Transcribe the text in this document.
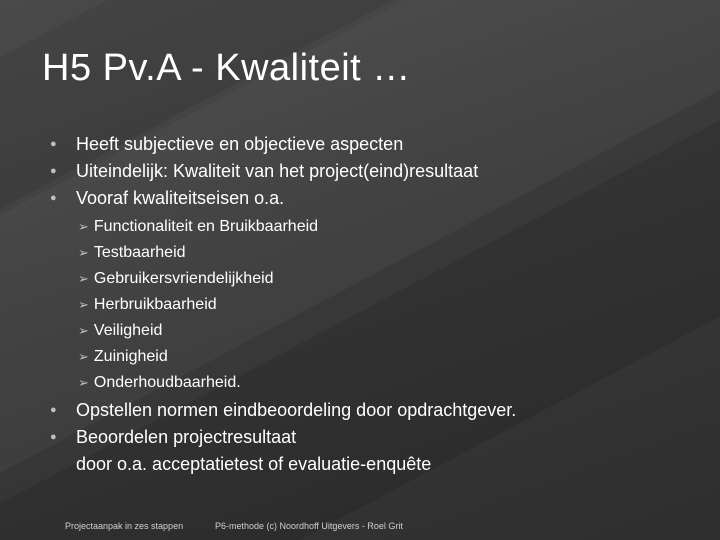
H5 Pv.A - Kwaliteit …
● Heeft subjectieve en objectieve aspecten
● Uiteindelijk: Kwaliteit van het project(eind)resultaat
● Vooraf kwaliteitseisen o.a.
➢ Functionaliteit en Bruikbaarheid
➢ Testbaarheid
➢ Gebruikersvriendelijkheid
➢ Herbruikbaarheid
➢ Veiligheid
➢ Zuinigheid
➢ Onderhoudbaarheid.
● Opstellen normen eindbeoordeling door opdrachtgever.
● Beoordelen projectresultaat
door o.a. acceptatietest of evaluatie-enquête
Projectaanpak in zes stappen	P6-methode (c) Noordhoff Uitgevers - Roel Grit
